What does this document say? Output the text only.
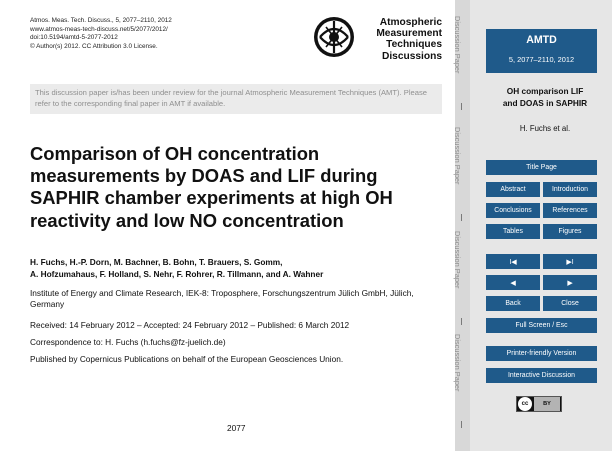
Atmos. Meas. Tech. Discuss., 5, 2077–2110, 2012
www.atmos-meas-tech-discuss.net/5/2077/2012/
doi:10.5194/amtd-5-2077-2012
© Author(s) 2012. CC Attribution 3.0 License.
Atmospheric
Measurement
Techniques
Discussions
This discussion paper is/has been under review for the journal Atmospheric Measurement Techniques (AMT). Please refer to the corresponding final paper in AMT if available.
Comparison of OH concentration measurements by DOAS and LIF during SAPHIR chamber experiments at high OH reactivity and low NO concentration
H. Fuchs, H.-P. Dorn, M. Bachner, B. Bohn, T. Brauers, S. Gomm,
A. Hofzumahaus, F. Holland, S. Nehr, F. Rohrer, R. Tillmann, and A. Wahner
Institute of Energy and Climate Research, IEK-8: Troposphere, Forschungszentrum Jülich GmbH, Jülich, Germany
Received: 14 February 2012 – Accepted: 24 February 2012 – Published: 6 March 2012
Correspondence to: H. Fuchs (h.fuchs@fz-juelich.de)
Published by Copernicus Publications on behalf of the European Geosciences Union.
2077
Discussion Paper
Discussion Paper
Discussion Paper
Discussion Paper
AMTD
5, 2077–2110, 2012
OH comparison LIF
and DOAS in SAPHIR
H. Fuchs et al.
Title Page
Abstract	Introduction
Conclusions	References
Tables	Figures
I◀	▶I
◀	▶
Back	Close
Full Screen / Esc
Printer-friendly Version
Interactive Discussion
cc	BY
